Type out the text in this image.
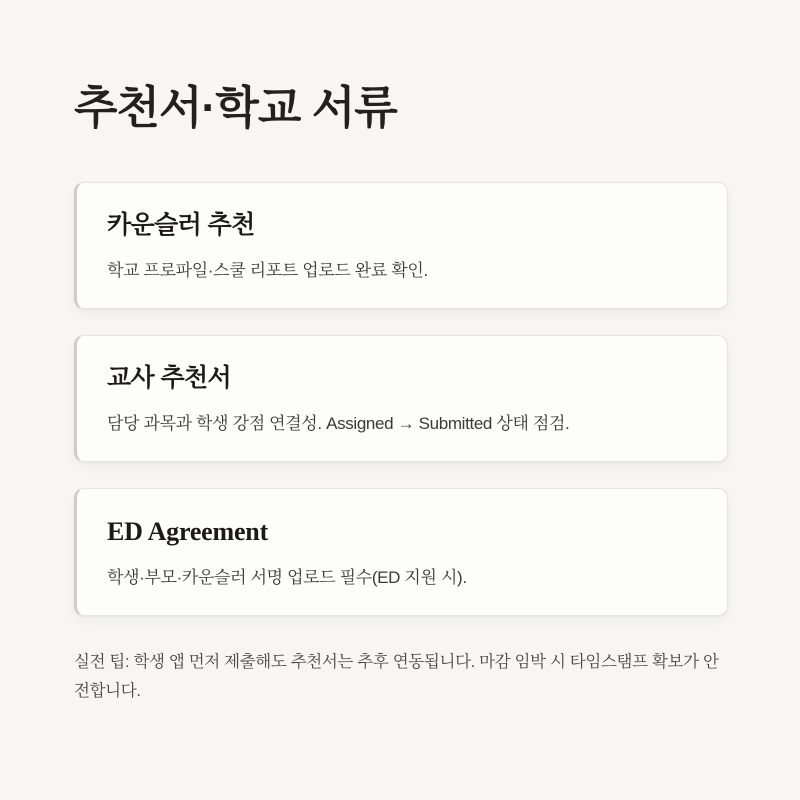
추천서·학교 서류
카운슬러 추천

학교 프로파일·스쿨 리포트 업로드 완료 확인.

교사 추천서

담당 과목과 학생 강점 연결성. Assigned → Submitted 상태 점검.

ED Agreement

학생·부모·카운슬러 서명 업로드 필수(ED 지원 시).

실전 팁: 학생 앱 먼저 제출해도 추천서는 추후 연동됩니다. 마감 임박 시 타임스탬프 확보가 안전합니다.
